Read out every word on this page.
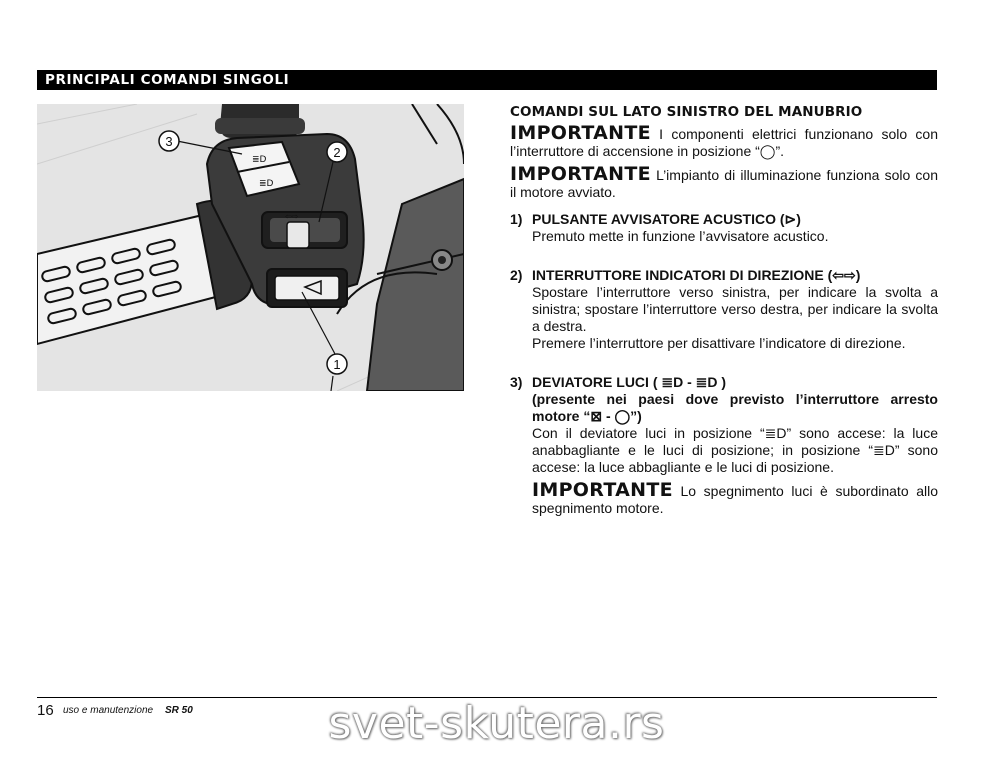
PRINCIPALI COMANDI SINGOLI
≣D
≣D
⇦⇨
3
2
1
COMANDI SUL LATO SINISTRO DEL MANUBRIO

IMPORTANTE I componenti elettrici funzionano solo con l’interruttore di accensione in posizione “◯”.

IMPORTANTE L’impianto di illuminazione funziona solo con il motore avviato.

1) PULSANTE AVVISATORE ACUSTICO (⊳)
Premuto mette in funzione l’avvisatore acustico.
2) INTERRUTTORE INDICATORI DI DIREZIONE (⇦⇨)
Spostare l’interruttore verso sinistra, per indicare la svolta a sinistra; spostare l’interruttore verso destra, per indicare la svolta a destra.
Premere l’interruttore per disattivare l’indicatore di direzione.
3) DEVIATORE LUCI ( ≣D - ≣D )
(presente nei paesi dove previsto l’interruttore arresto motore “⊠ - ◯”)
Con il deviatore luci in posizione “≣D” sono accese: la luce anabbagliante e le luci di posizione; in posizione “≣D” sono accese: la luce abbagliante e le luci di posizione.

IMPORTANTE Lo spegnimento luci è subordinato allo spegnimento motore.

16 uso e manutenzione SR 50	svet-skutera.rs
